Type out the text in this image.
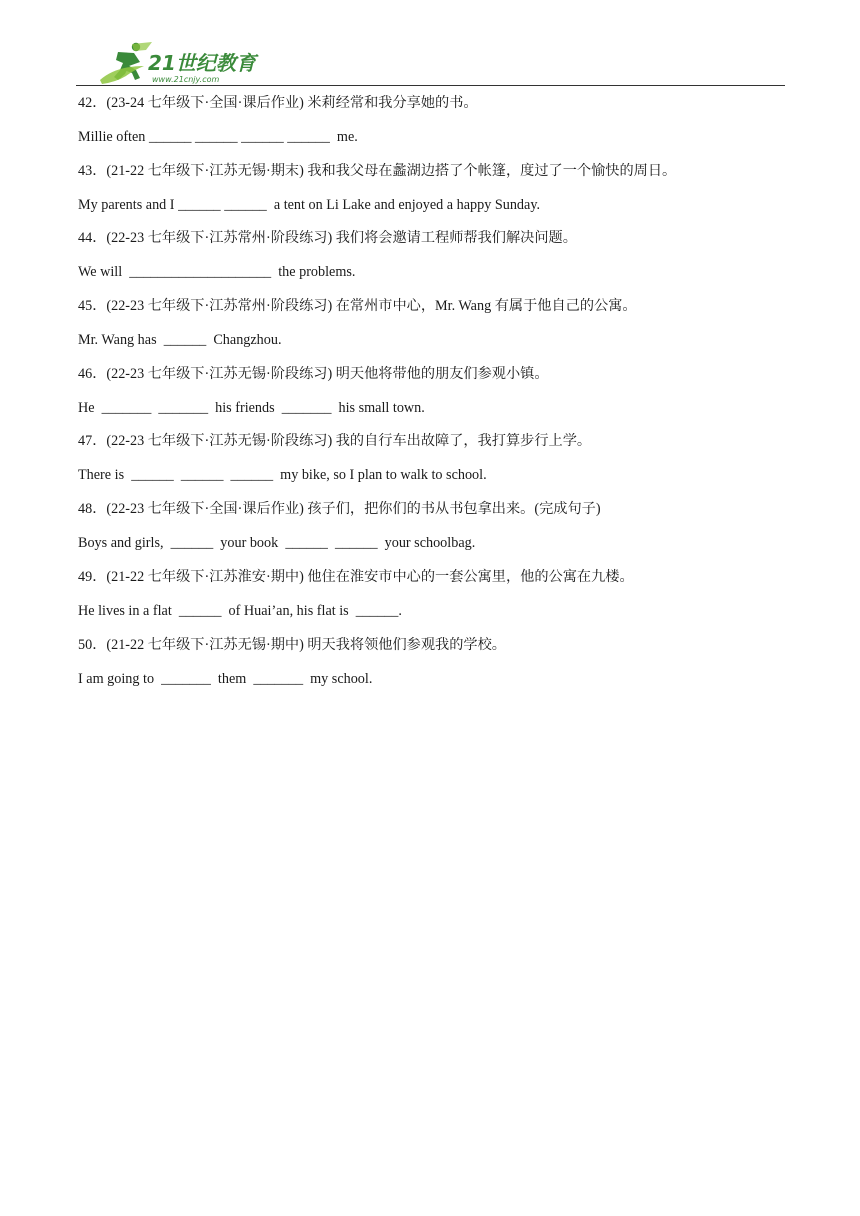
21世纪教育
www.21cnjy.com
42．(23-24 七年级下·全国·课后作业) 米莉经常和我分享她的书。
Millie often ______ ______ ______ ______  me.
43．(21-22 七年级下·江苏无锡·期末) 我和我父母在蠡湖边搭了个帐篷，度过了一个愉快的周日。
My parents and I ______ ______  a tent on Li Lake and enjoyed a happy Sunday.
44．(22-23 七年级下·江苏常州·阶段练习) 我们将会邀请工程师帮我们解决问题。
We will  ____________________  the problems.
45．(22-23 七年级下·江苏常州·阶段练习) 在常州市中心，Mr. Wang 有属于他自己的公寓。
Mr. Wang has  ______  Changzhou.
46．(22-23 七年级下·江苏无锡·阶段练习) 明天他将带他的朋友们参观小镇。
He  _______ _______  his friends  _______  his small town.
47．(22-23 七年级下·江苏无锡·阶段练习) 我的自行车出故障了，我打算步行上学。
There is  ______ ______ ______  my bike, so I plan to walk to school.
48．(22-23 七年级下·全国·课后作业) 孩子们，把你们的书从书包拿出来。(完成句子)
Boys and girls,  ______  your book  ______ ______  your schoolbag.
49．(21-22 七年级下·江苏淮安·期中) 他住在淮安市中心的一套公寓里，他的公寓在九楼。
He lives in a flat  ______  of Huai’an, his flat is  ______.
50．(21-22 七年级下·江苏无锡·期中) 明天我将领他们参观我的学校。
I am going to  _______  them  _______  my school.
